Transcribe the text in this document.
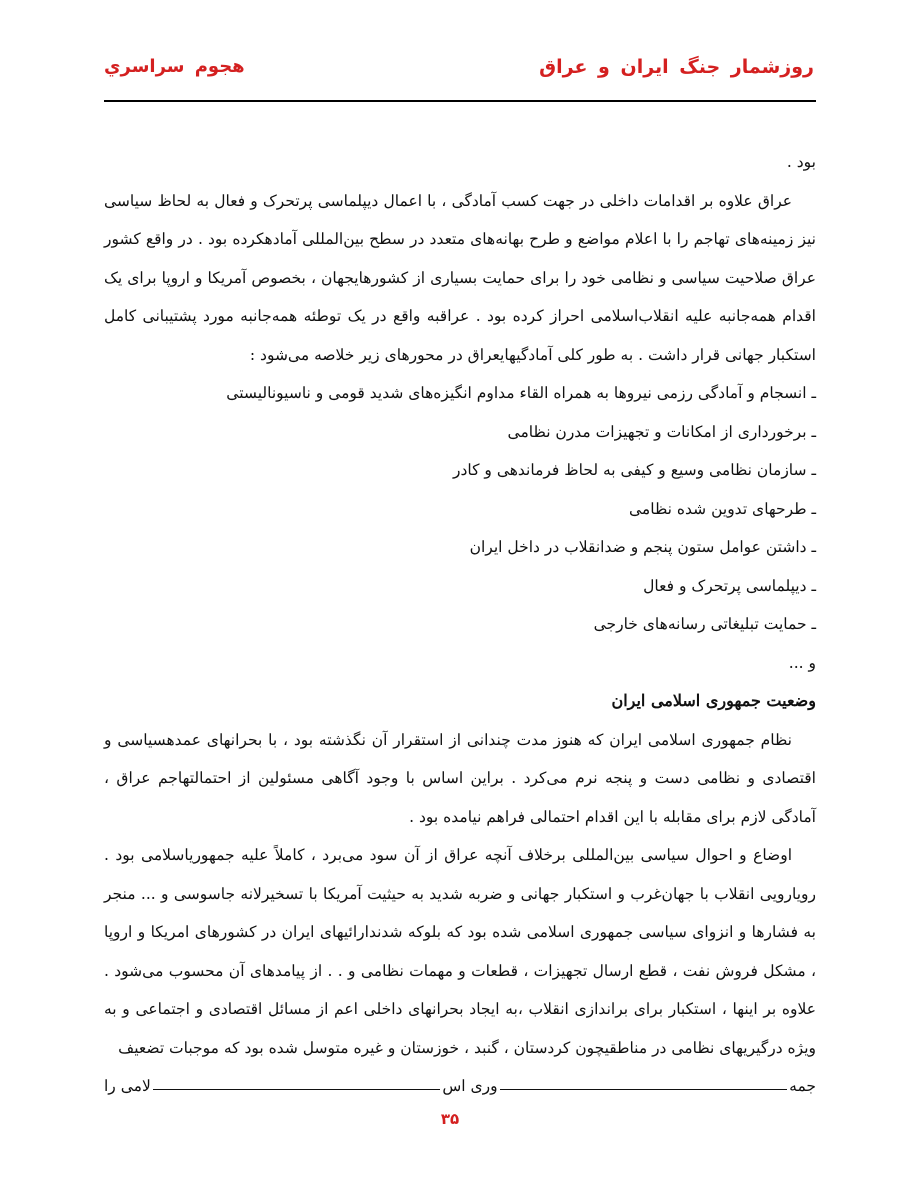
روزشمار جنگ ایران و عراق
هجوم سراسري

بود .

عراق علاوه بر اقدامات داخلی در جهت کسب آمادگی ، با اعمال دیپلماسی پرتحرک و فعال به لحاظ سیاسی نیز زمینه‌های تهاجم را با اعلام مواضع و طرح بهانه‌های متعدد در سطح بین‌المللی آمادهکرده بود . در واقع کشور عراق صلاحیت سیاسی و نظامی خود را برای حمایت بسیاری از کشورهایجهان ، بخصوص آمریکا و اروپا برای یک اقدام همه‌جانبه علیه انقلاب‌اسلامی احراز کرده بود . عراقبه واقع در یک توطئه همه‌جانبه مورد پشتیبانی کامل استکبار جهانی قرار داشت . به طور کلی آمادگیهایعراق در محورهای زیر خلاصه می‌شود :

ـ انسجام و آمادگی رزمی نیروها به همراه القاء مداوم انگیزه‌های شدید قومی و ناسیونالیستی
ـ برخورداری از امکانات و تجهیزات مدرن نظامی
ـ سازمان نظامی وسیع و کیفی به لحاظ فرماندهی و کادر
ـ طرحهای تدوین شده نظامی
ـ داشتن عوامل ستون پنجم و ضدانقلاب در داخل ایران
ـ دیپلماسی پرتحرک و فعال
ـ حمایت تبلیغاتی رسانه‌های خارجی
و ...
وضعیت جمهوری اسلامی ایران

نظام جمهوری اسلامی ایران که هنوز مدت چندانی از استقرار آن نگذشته بود ، با بحرانهای عمدهسیاسی و اقتصادی و نظامی دست و پنجه نرم می‌کرد . براین اساس با وجود آگاهی مسئولین از احتمالتهاجم عراق ، آمادگی لازم برای مقابله با این اقدام احتمالی فراهم نیامده بود .

اوضاع و احوال سیاسی بین‌المللی برخلاف آنچه عراق از آن سود می‌برد ، کاملاً علیه جمهوریاسلامی بود . رویارویی انقلاب با جهان‌غرب و استکبار جهانی و ضربه شدید به حیثیت آمریکا با تسخیرلانه جاسوسی و ... منجر به فشارها و انزوای سیاسی جمهوری اسلامی شده بود که بلوکه شدندارائیهای ایران در کشورهای امریکا و اروپا ، مشکل فروش نفت ، قطع ارسال تجهیزات ، قطعات و مهمات نظامی و . . از پیامدهای آن محسوب می‌شود . علاوه بر اینها ، استکبار برای براندازی انقلاب ،به ایجاد بحرانهای داخلی اعم از مسائل اقتصادی و اجتماعی و به ویژه درگیریهای نظامی در مناطقیچون کردستان ، گنبد ، خوزستان و غیره متوسل شده بود که موجبات تضعیف

جمه
وری اس
لامی را
۳۵
